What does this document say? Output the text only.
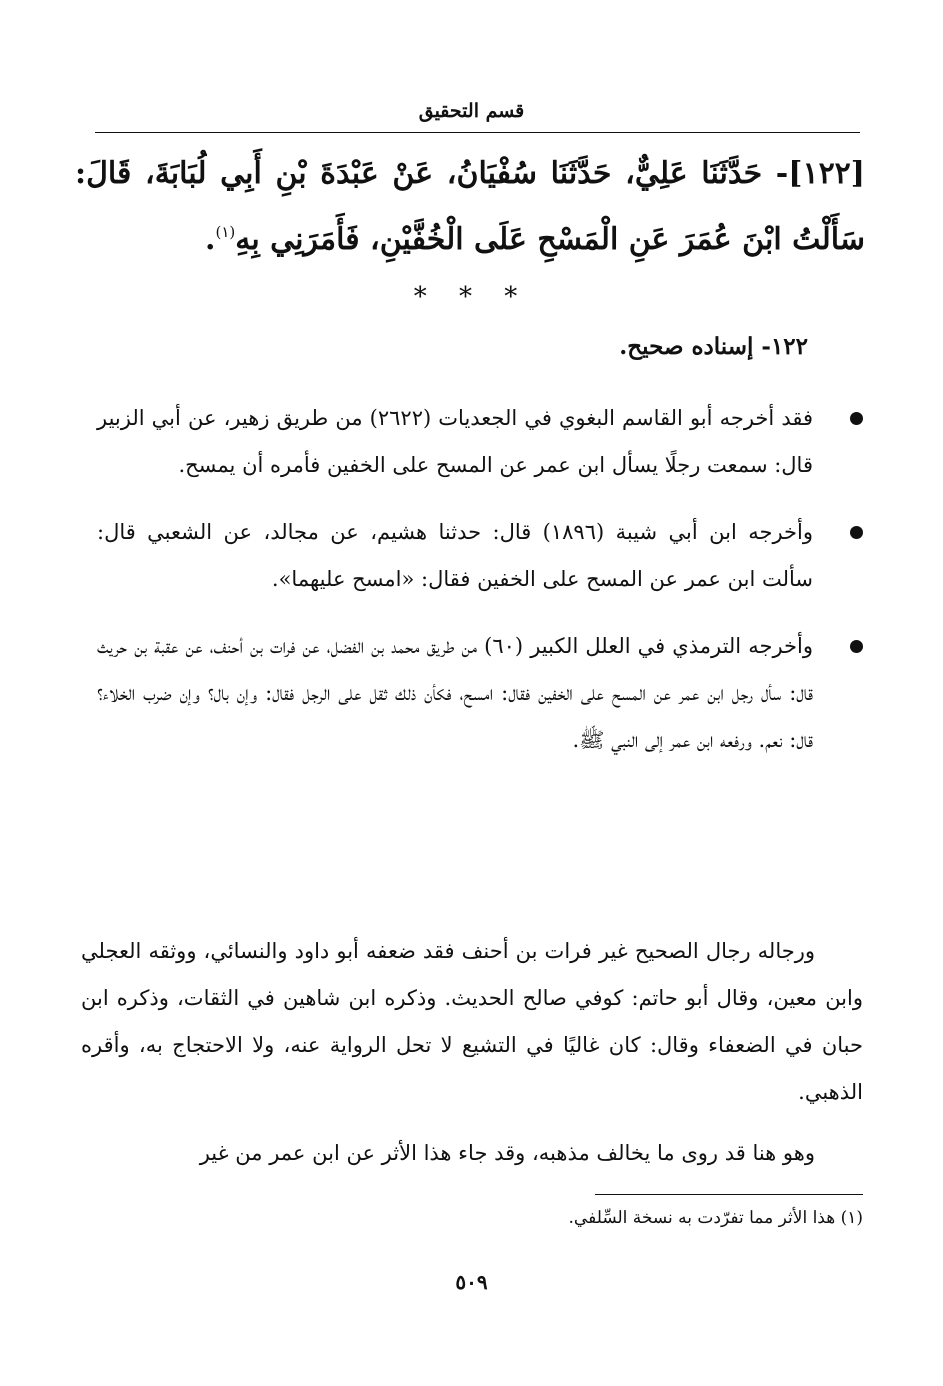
قسم التحقيق
[١٢٢]- حَدَّثَنَا عَلِيٌّ، حَدَّثَنَا سُفْيَانُ، عَنْ عَبْدَةَ بْنِ أَبِي لُبَابَةَ، قَالَ: سَأَلْتُ ابْنَ عُمَرَ عَنِ الْمَسْحِ عَلَى الْخُفَّيْنِ، فَأَمَرَنِي بِهِ$^{(١)}$.
* * *
١٢٢- إسناده صحيح.
فقد أخرجه أبو القاسم البغوي في الجعديات (٢٦٢٢) من طريق زهير، عن أبي الزبير قال: سمعت رجلًا يسأل ابن عمر عن المسح على الخفين فأمره أن يمسح.
وأخرجه ابن أبي شيبة (١٨٩٦) قال: حدثنا هشيم، عن مجالد، عن الشعبي قال: سألت ابن عمر عن المسح على الخفين فقال: «امسح عليهما».
وأخرجه الترمذي في العلل الكبير (٦٠) من طريق محمد بن الفضل، عن فرات بن أحنف، عن عقبة بن حريث قال: سأل رجل ابن عمر عن المسح على الخفين فقال: امسح، فكأن ذلك ثقل على الرجل فقال: وإن بال؟ وإن ضرب الخلاء؟ قال: نعم. ورفعه ابن عمر إلى النبي ﷺ.

ورجاله رجال الصحيح غير فرات بن أحنف فقد ضعفه أبو داود والنسائي، ووثقه العجلي وابن معين، وقال أبو حاتم: كوفي صالح الحديث. وذكره ابن شاهين في الثقات، وذكره ابن حبان في الضعفاء وقال: كان غاليًا في التشيع لا تحل الرواية عنه، ولا الاحتجاج به، وأقره الذهبي.

وهو هنا قد روى ما يخالف مذهبه، وقد جاء هذا الأثر عن ابن عمر من غير

(١) هذا الأثر مما تفرّدت به نسخة السِّلفي.
٥٠٩
